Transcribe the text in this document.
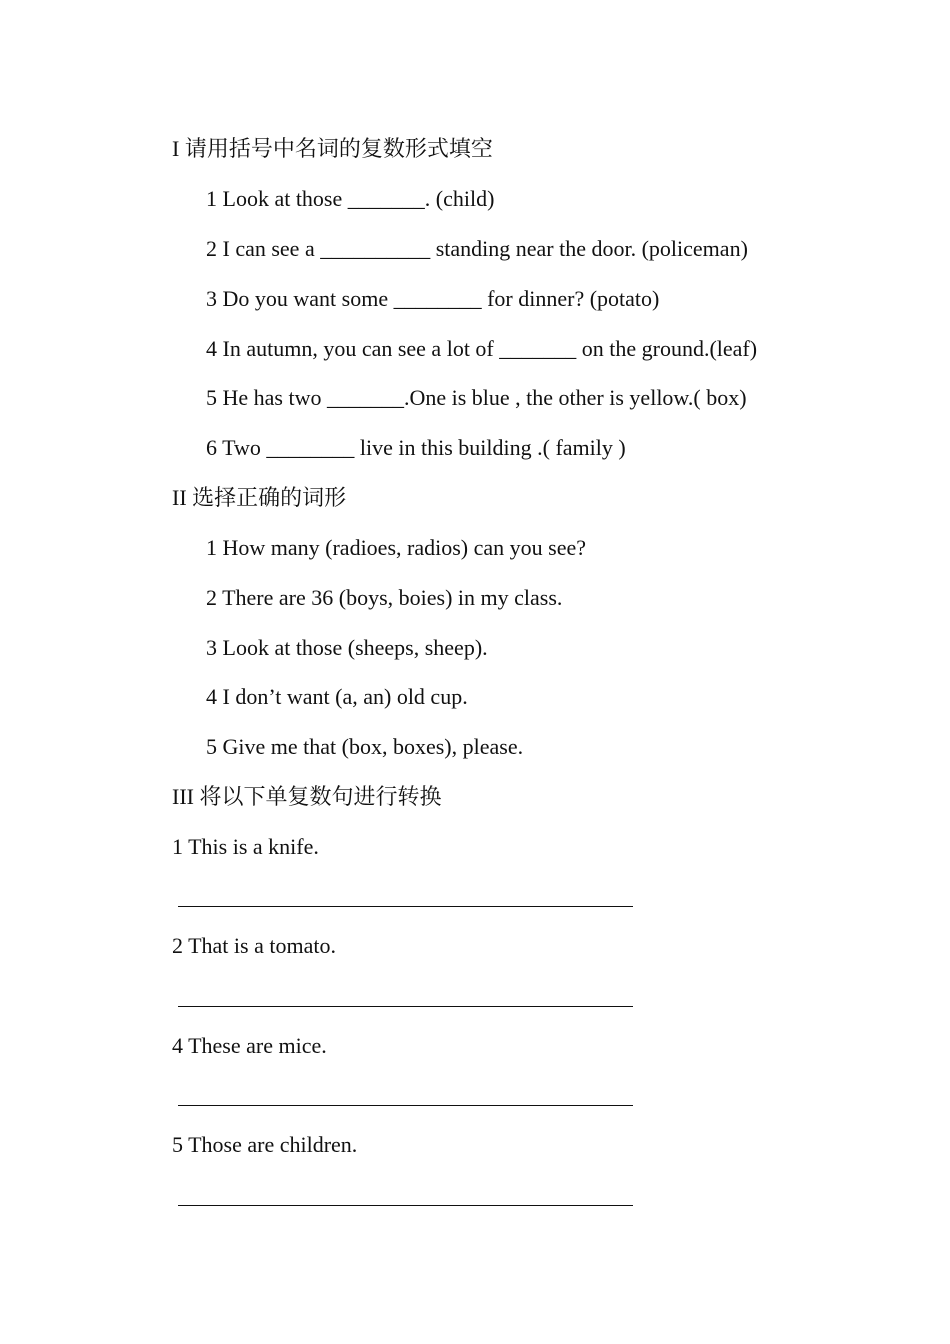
I 请用括号中名词的复数形式填空
1 Look at those _______. (child)
2 I can see a __________ standing near the door. (policeman)
3 Do you want some ________ for dinner? (potato)
4 In autumn, you can see a lot of _______ on the ground.(leaf)
5 He has two _______.One is blue , the other is yellow.( box)
6 Two ________ live in this building .( family )
II 选择正确的词形
1 How many (radioes, radios) can you see?
2 There are 36 (boys, boies) in my class.
3 Look at those (sheeps, sheep).
4 I don’t want (a, an) old cup.
5 Give me that (box, boxes), please.
III 将以下单复数句进行转换
1 This is a knife.
2 That is a tomato.
4 These are mice.
5 Those are children.
